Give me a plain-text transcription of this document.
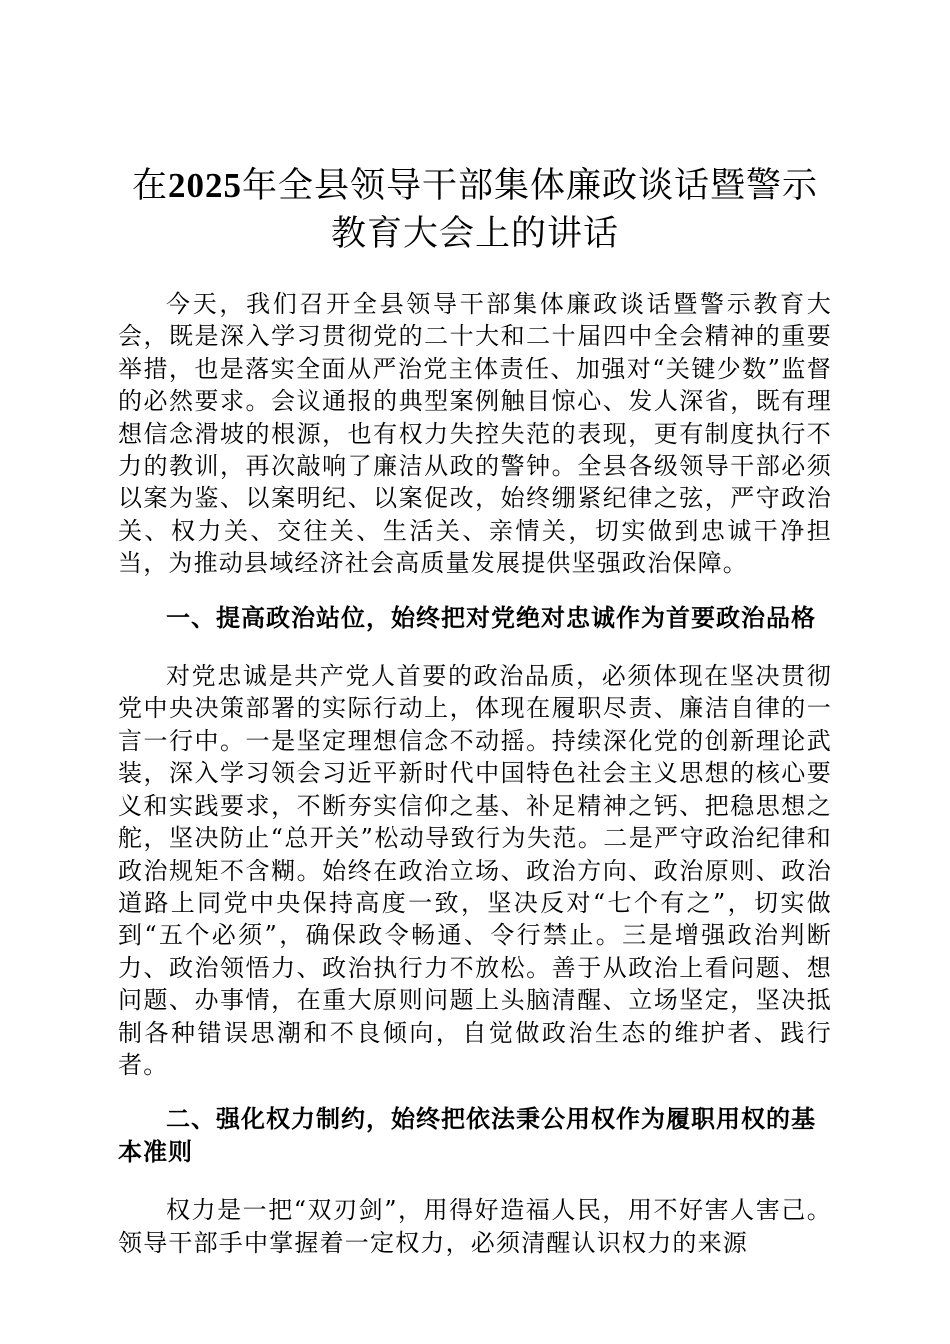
在2025年全县领导干部集体廉政谈话暨警示
教育大会上的讲话

今天，我们召开全县领导干部集体廉政谈话暨警示教育大会，既是深入学习贯彻党的二十大和二十届四中全会精神的重要举措，也是落实全面从严治党主体责任、加强对“关键少数”监督的必然要求。会议通报的典型案例触目惊心、发人深省，既有理想信念滑坡的根源，也有权力失控失范的表现，更有制度执行不力的教训，再次敲响了廉洁从政的警钟。全县各级领导干部必须以案为鉴、以案明纪、以案促改，始终绷紧纪律之弦，严守政治关、权力关、交往关、生活关、亲情关，切实做到忠诚干净担当，为推动县域经济社会高质量发展提供坚强政治保障。

一、提高政治站位，始终把对党绝对忠诚作为首要政治品格

对党忠诚是共产党人首要的政治品质，必须体现在坚决贯彻党中央决策部署的实际行动上，体现在履职尽责、廉洁自律的一言一行中。一是坚定理想信念不动摇。持续深化党的创新理论武装，深入学习领会习近平新时代中国特色社会主义思想的核心要义和实践要求，不断夯实信仰之基、补足精神之钙、把稳思想之舵，坚决防止“总开关”松动导致行为失范。二是严守政治纪律和政治规矩不含糊。始终在政治立场、政治方向、政治原则、政治道路上同党中央保持高度一致，坚决反对“七个有之”，切实做到“五个必须”，确保政令畅通、令行禁止。三是增强政治判断力、政治领悟力、政治执行力不放松。善于从政治上看问题、想问题、办事情，在重大原则问题上头脑清醒、立场坚定，坚决抵制各种错误思潮和不良倾向，自觉做政治生态的维护者、践行者。

二、强化权力制约，始终把依法秉公用权作为履职用权的基本准则

权力是一把“双刃剑”，用得好造福人民，用不好害人害己。领导干部手中掌握着一定权力，必须清醒认识权力的来源
